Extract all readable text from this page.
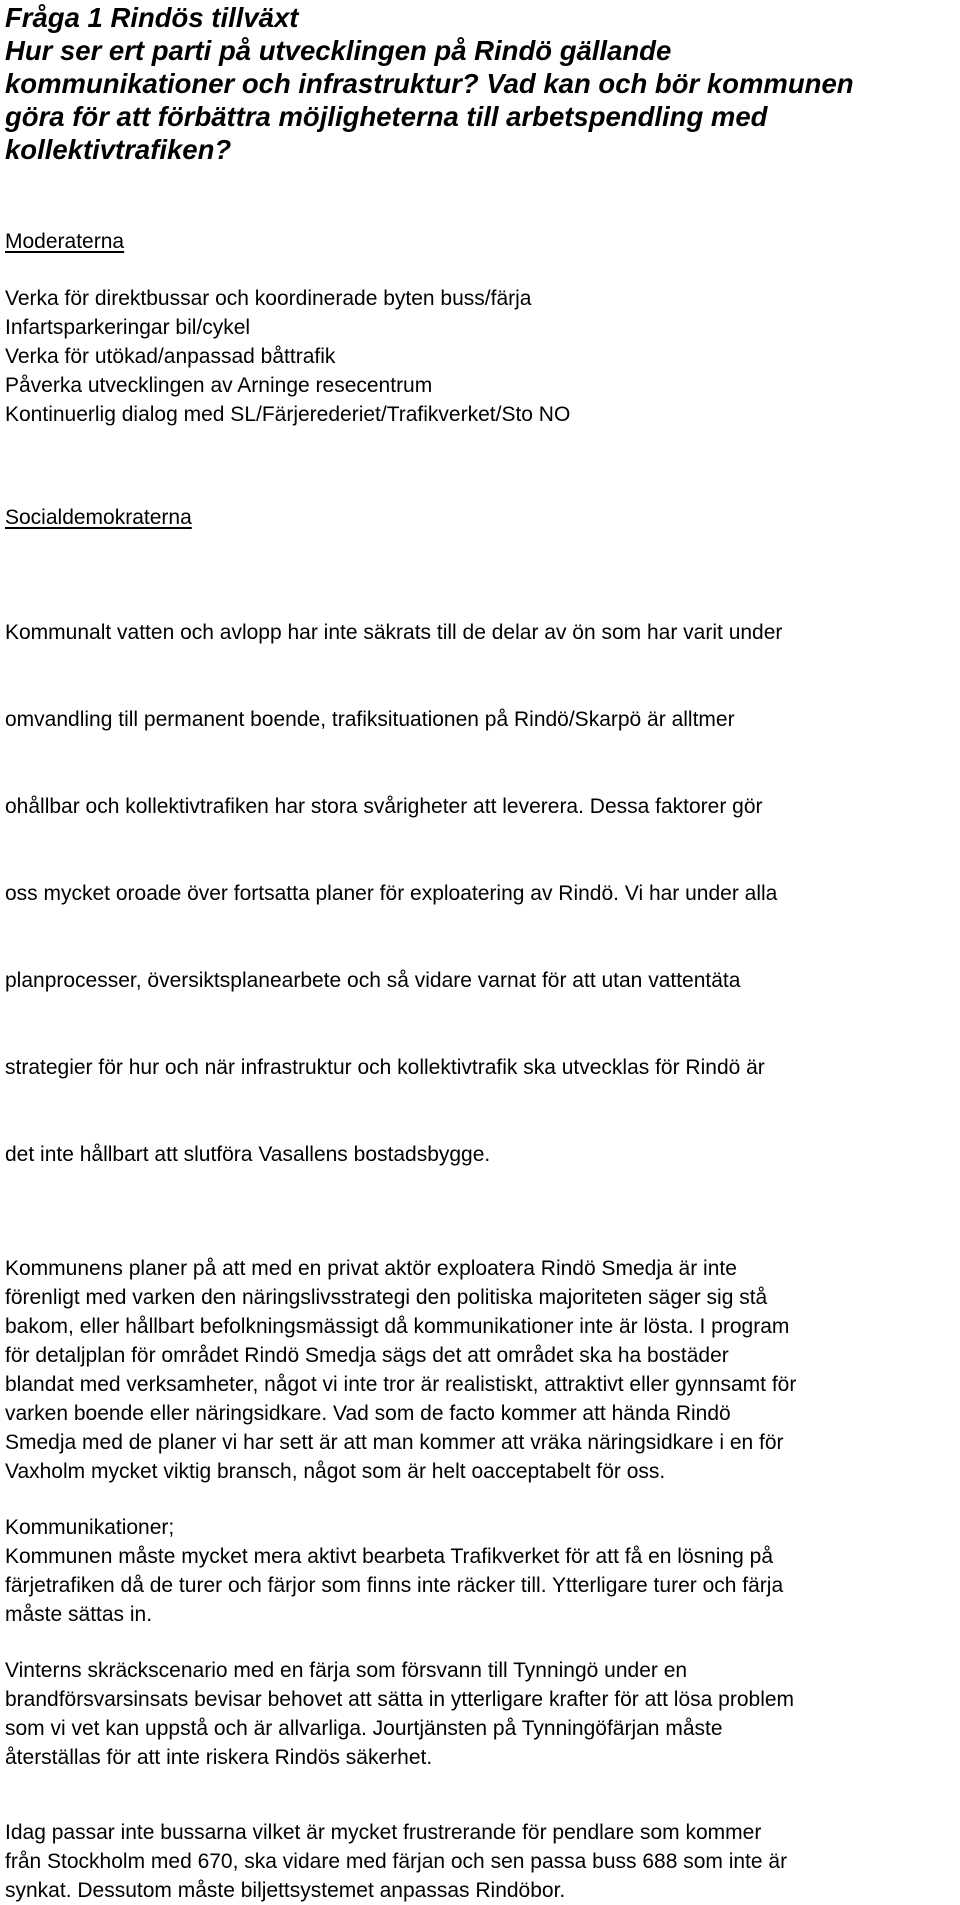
Fråga 1 Rindös tillväxt
Hur ser ert parti på utvecklingen på Rindö gällande
kommunikationer och infrastruktur? Vad kan och bör kommunen
göra för att förbättra möjligheterna till arbetspendling med
kollektivtrafiken?

Moderaterna

Verka för direktbussar och koordinerade byten buss/färja
Infartsparkeringar bil/cykel
Verka för utökad/anpassad båttrafik
Påverka utvecklingen av Arninge resecentrum
Kontinuerlig dialog med SL/Färjerederiet/Trafikverket/Sto NO

Socialdemokraterna

Kommunalt vatten och avlopp har inte säkrats till de delar av ön som har varit under

omvandling till permanent boende, trafiksituationen på Rindö/Skarpö är alltmer

ohållbar och kollektivtrafiken har stora svårigheter att leverera. Dessa faktorer gör

oss mycket oroade över fortsatta planer för exploatering av Rindö. Vi har under alla

planprocesser, översiktsplanearbete och så vidare varnat för att utan vattentäta

strategier för hur och när infrastruktur och kollektivtrafik ska utvecklas för Rindö är

det inte hållbart att slutföra Vasallens bostadsbygge.

Kommunens planer på att med en privat aktör exploatera Rindö Smedja är inte
förenligt med varken den näringslivsstrategi den politiska majoriteten säger sig stå
bakom, eller hållbart befolkningsmässigt då kommunikationer inte är lösta. I program
för detaljplan för området Rindö Smedja sägs det att området ska ha bostäder
blandat med verksamheter, något vi inte tror är realistiskt, attraktivt eller gynnsamt för
varken boende eller näringsidkare. Vad som de facto kommer att hända Rindö
Smedja med de planer vi har sett är att man kommer att vräka näringsidkare i en för
Vaxholm mycket viktig bransch, något som är helt oacceptabelt för oss.
Kommunikationer;
Kommunen måste mycket mera aktivt bearbeta Trafikverket för att få en lösning på
färjetrafiken då de turer och färjor som finns inte räcker till. Ytterligare turer och färja
måste sättas in.
Vinterns skräckscenario med en färja som försvann till Tynningö under en
brandförsvarsinsats bevisar behovet att sätta in ytterligare krafter för att lösa problem
som vi vet kan uppstå och är allvarliga. Jourtjänsten på Tynningöfärjan måste
återställas för att inte riskera Rindös säkerhet.
Idag passar inte bussarna vilket är mycket frustrerande för pendlare som kommer
från Stockholm med 670, ska vidare med färjan och sen passa buss 688 som inte är
synkat. Dessutom måste biljettsystemet anpassas Rindöbor.
